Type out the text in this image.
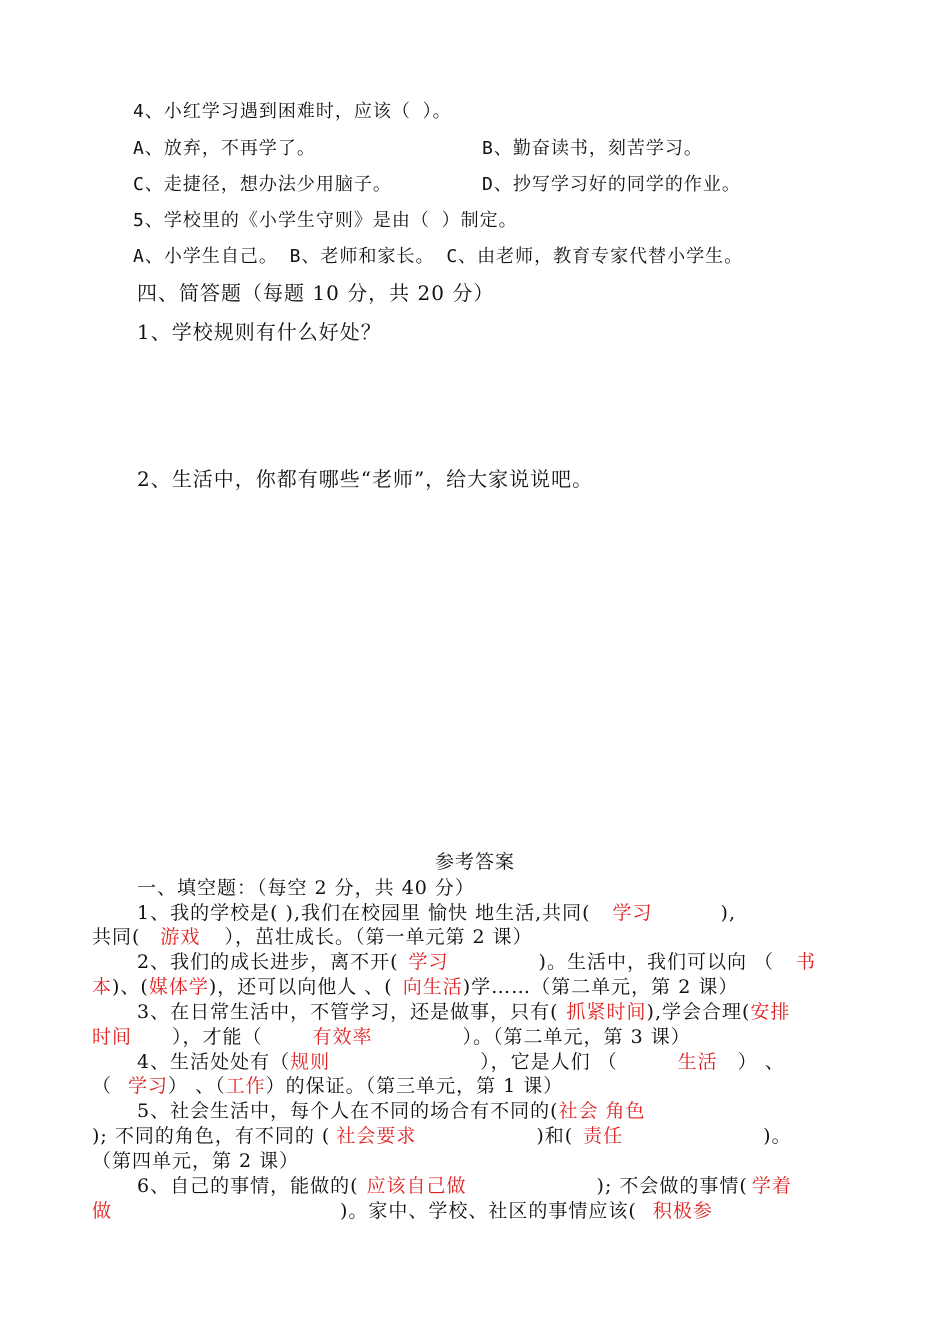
4、小红学习遇到困难时，应该（ ）。
A、放弃，不再学了。	B、勤奋读书，刻苦学习。
C、走捷径，想办法少用脑子。	D、抄写学习好的同学的作业。
5、学校里的《小学生守则》是由（ ）制定。
A、小学生自己。 B、老师和家长。 C、由老师，教育专家代替小学生。
四、简答题（每题 10 分，共 20 分）
1、学校规则有什么好处？
2、生活中，你都有哪些“老师”，给大家说说吧。
参考答案
一、填空题：（每空 2 分，共 40 分）
1、我的学校是( ),我们在校园里 愉快 地生活,共同( 学习	),
共同( 游戏 ），茁壮成长。（第一单元第 2 课）
2、我们的成长进步，离不开( 学习	)。生活中，我们可以向 （ 书
本)、(媒体学)，还可以向他人 、( 向生活)学……（第二单元，第 2 课）
3、在日常生活中，不管学习，还是做事，只有( 抓紧时间),学会合理(安排
时间 ），才能（	有效率	）。（第二单元，第 3 课）
4、生活处处有（规则	），它是人们 （	生活 ） 、
（ 学习） 、（工作）的保证。（第三单元，第 1 课）
5、社会生活中，每个人在不同的场合有不同的(社会 角色
); 不同的角色，有不同的 ( 社会要求	)和( 责任	)。
（第四单元，第 2 课）
6、自己的事情，能做的( 应该自己做	); 不会做的事情( 学着
做	)。家中、学校、社区的事情应该( 积极参
